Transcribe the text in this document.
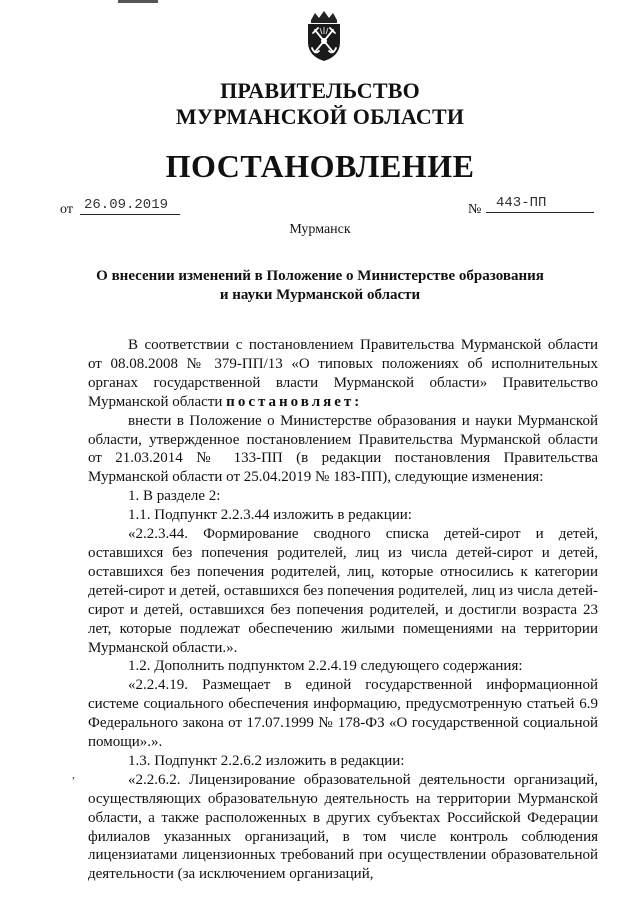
ПРАВИТЕЛЬСТВО
МУРМАНСКОЙ ОБЛАСТИ
ПОСТАНОВЛЕНИЕ
от 26.09.2019	№	443-ПП
Мурманск
О внесении изменений в Положение о Министерстве образования
и науки Мурманской области

В соответствии с постановлением Правительства Мурманской области от 08.08.2008 № 379-ПП/13 «О типовых положениях об исполнительных органах государственной власти Мурманской области» Правительство Мурманской области постановляет:

внести в Положение о Министерстве образования и науки Мурманской области, утвержденное постановлением Правительства Мурманской области от 21.03.2014 № 133-ПП (в редакции постановления Правительства Мурманской области от 25.04.2019 № 183-ПП), следующие изменения:

1. В разделе 2:

1.1. Подпункт 2.2.3.44 изложить в редакции:

«2.2.3.44. Формирование сводного списка детей-сирот и детей, оставшихся без попечения родителей, лиц из числа детей-сирот и детей, оставшихся без попечения родителей, лиц, которые относились к категории детей-сирот и детей, оставшихся без попечения родителей, лиц из числа детей-сирот и детей, оставшихся без попечения родителей, и достигли возраста 23 лет, которые подлежат обеспечению жилыми помещениями на территории Мурманской области.».

1.2. Дополнить подпунктом 2.2.4.19 следующего содержания:

«2.2.4.19. Размещает в единой государственной информационной системе социального обеспечения информацию, предусмотренную статьей 6.9 Федерального закона от 17.07.1999 № 178-ФЗ «О государственной социальной помощи».».

1.3. Подпункт 2.2.6.2 изложить в редакции:

«2.2.6.2. Лицензирование образовательной деятельности организаций, осуществляющих образовательную деятельность на территории Мурманской области, а также расположенных в других субъектах Российской Федерации филиалов указанных организаций, в том числе контроль соблюдения лицензиатами лицензионных требований при осуществлении образовательной деятельности (за исключением организаций,

,
